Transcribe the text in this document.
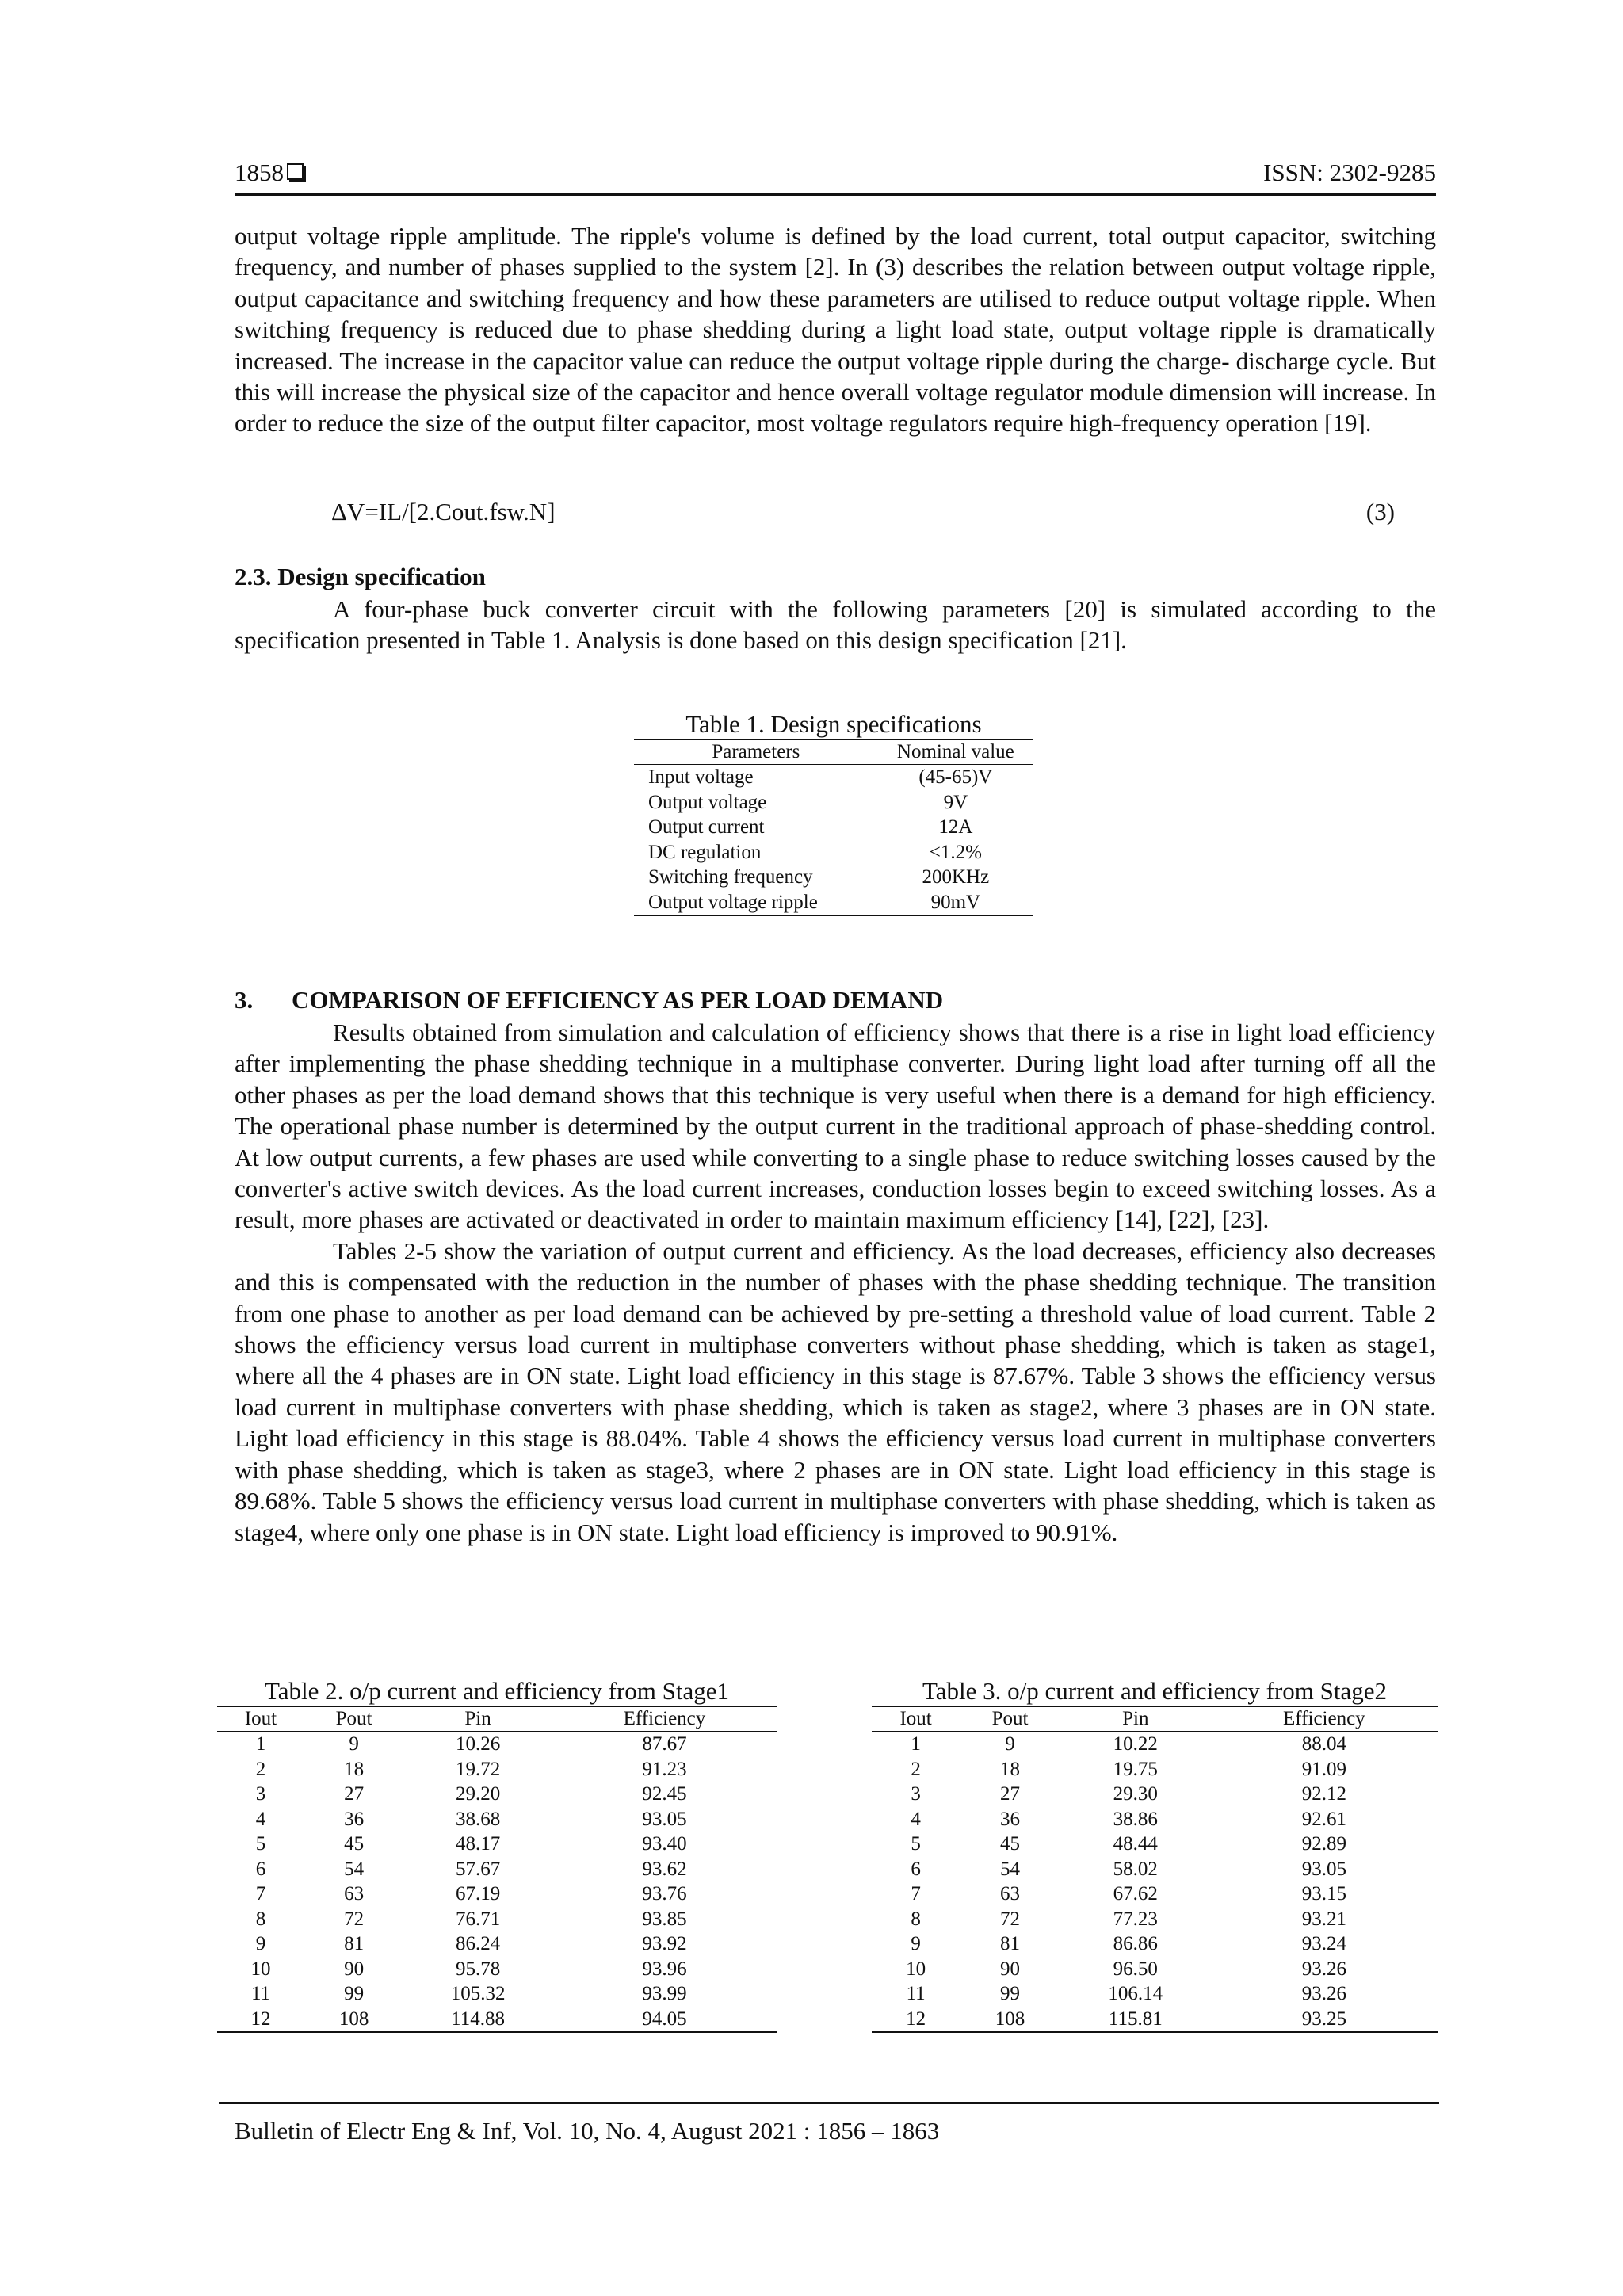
1858	ISSN: 2302-9285

output voltage ripple amplitude. The ripple's volume is defined by the load current, total output capacitor, switching frequency, and number of phases supplied to the system [2]. In (3) describes the relation between output voltage ripple, output capacitance and switching frequency and how these parameters are utilised to reduce output voltage ripple. When switching frequency is reduced due to phase shedding during a light load state, output voltage ripple is dramatically increased. The increase in the capacitor value can reduce the output voltage ripple during the charge- discharge cycle. But this will increase the physical size of the capacitor and hence overall voltage regulator module dimension will increase. In order to reduce the size of the output filter capacitor, most voltage regulators require high-frequency operation [19].

ΔV=IL/[2.Cout.fsw.N]	(3)
2.3. Design specification

A four-phase buck converter circuit with the following parameters [20] is simulated according to the specification presented in Table 1. Analysis is done based on this design specification [21].

Table 1. Design specifications
Parameters	Nominal value
Input voltage	(45-65)V
Output voltage	9V
Output current	12A
DC regulation	<1.2%
Switching frequency	200KHz
Output voltage ripple	90mV
3. COMPARISON OF EFFICIENCY AS PER LOAD DEMAND

Results obtained from simulation and calculation of efficiency shows that there is a rise in light load efficiency after implementing the phase shedding technique in a multiphase converter. During light load after turning off all the other phases as per the load demand shows that this technique is very useful when there is a demand for high efficiency. The operational phase number is determined by the output current in the traditional approach of phase-shedding control. At low output currents, a few phases are used while converting to a single phase to reduce switching losses caused by the converter's active switch devices. As the load current increases, conduction losses begin to exceed switching losses. As a result, more phases are activated or deactivated in order to maintain maximum efficiency [14], [22], [23].

Tables 2-5 show the variation of output current and efficiency. As the load decreases, efficiency also decreases and this is compensated with the reduction in the number of phases with the phase shedding technique. The transition from one phase to another as per load demand can be achieved by pre-setting a threshold value of load current. Table 2 shows the efficiency versus load current in multiphase converters without phase shedding, which is taken as stage1, where all the 4 phases are in ON state. Light load efficiency in this stage is 87.67%. Table 3 shows the efficiency versus load current in multiphase converters with phase shedding, which is taken as stage2, where 3 phases are in ON state. Light load efficiency in this stage is 88.04%. Table 4 shows the efficiency versus load current in multiphase converters with phase shedding, which is taken as stage3, where 2 phases are in ON state. Light load efficiency in this stage is 89.68%. Table 5 shows the efficiency versus load current in multiphase converters with phase shedding, which is taken as stage4, where only one phase is in ON state. Light load efficiency is improved to 90.91%.

Table 2. o/p current and efficiency from Stage1
Iout	Pout	Pin	Efficiency
1	9	10.26	87.67
2	18	19.72	91.23
3	27	29.20	92.45
4	36	38.68	93.05
5	45	48.17	93.40
6	54	57.67	93.62
7	63	67.19	93.76
8	72	76.71	93.85
9	81	86.24	93.92
10	90	95.78	93.96
11	99	105.32	93.99
12	108	114.88	94.05
Table 3. o/p current and efficiency from Stage2
Iout	Pout	Pin	Efficiency
1	9	10.22	88.04
2	18	19.75	91.09
3	27	29.30	92.12
4	36	38.86	92.61
5	45	48.44	92.89
6	54	58.02	93.05
7	63	67.62	93.15
8	72	77.23	93.21
9	81	86.86	93.24
10	90	96.50	93.26
11	99	106.14	93.26
12	108	115.81	93.25
Bulletin of Electr Eng & Inf, Vol. 10, No. 4, August 2021 : 1856 – 1863
